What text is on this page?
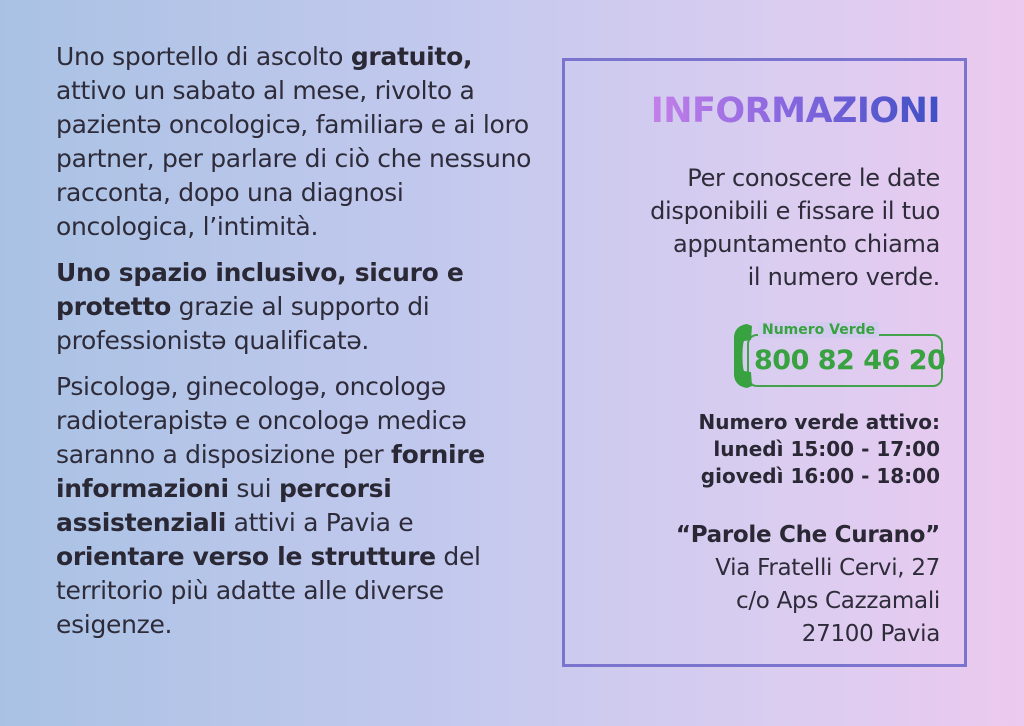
Uno sportello di ascolto gratuito, attivo un sabato al mese, rivolto a pazientə oncologicə, familiarə e ai loro partner, per parlare di ciò che nessuno racconta, dopo una diagnosi oncologica, l’intimità.

Uno spazio inclusivo, sicuro e protetto grazie al supporto di professionistə qualificatə.

Psicologə, ginecologə, oncologə radioterapistə e oncologə medicə saranno a disposizione per fornire informazioni sui percorsi assistenziali attivi a Pavia e orientare verso le strutture del territorio più adatte alle diverse esigenze.

INFORMAZIONI
Per conoscere le date
disponibili e fissare il tuo
appuntamento chiama
il numero verde.
Numero Verde
800 82 46 20
Numero verde attivo:
lunedì 15:00 - 17:00
giovedì 16:00 - 18:00
“Parole Che Curano”
Via Fratelli Cervi, 27
c/o Aps Cazzamali
27100 Pavia
